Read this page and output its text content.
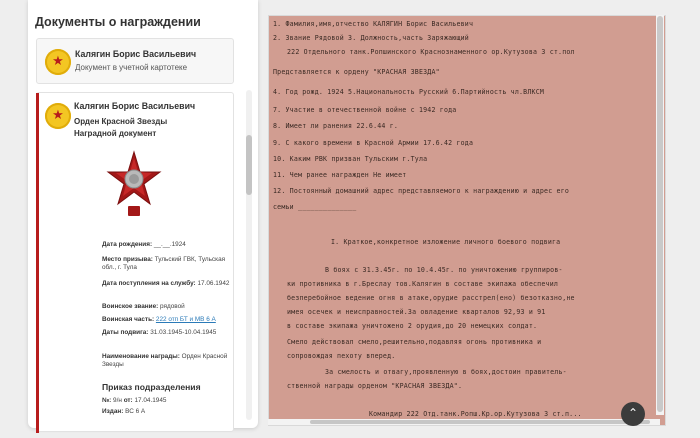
Документы о награждении
★
Калягин Борис Васильевич
Документ в учетной картотеке
★
Калягин Борис Васильевич
Орден Красной Звезды
Наградной документ
Дата рождения: __.__.1924
Место призыва: Тульский ГВК, Тульская обл., г. Тула
Дата поступления на службу: 17.06.1942
Воинское звание: рядовой
Воинская часть: 222 отп БТ и МВ 6 А
Даты подвига: 31.03.1945-10.04.1945
Наименование награды: Орден Красной Звезды
Приказ подразделения
№: 9/н от: 17.04.1945
Издан: ВС 6 А
1. Фамилия,имя,отчество КАЛЯГИН Борис Васильевич
2. Звание Рядовой 3. Должность,часть Заряжающий
222 Отдельного танк.Ропшинского Краснознаменного ор.Кутузова 3 ст.пол
Представляется к ордену "КРАСНАЯ ЗВЕЗДА"
4. Год рожд. 1924 5.Национальность Русский 6.Партийность чл.ВЛКСМ
7. Участие в отечественной войне с 1942 года
8. Имеет ли ранения 22.6.44 г.
9. С какого времени в Красной Армии 17.6.42 года
10. Каким РВК призван Тульским г.Тула
11. Чем ранее награжден Не имеет
12. Постоянный домашний адрес представляемого к награждению и адрес его
семьи ______________
I. Краткое,конкретное изложение личного боевого подвига
В боях с 31.3.45г. по 10.4.45г. по уничтожению группиров-
ки противника в г.Бреслау тов.Калягин в составе экипажа обеспечил
безперебойное ведение огня в атаке,орудие расстрел(ено) безотказно,не
имея осечек и неисправностей.За овладение кварталов 92,93 и 91
в составе экипажа уничтожено 2 орудия,до 20 немецких солдат.
Смело действовал смело,решительно,подавляя огонь противника и
сопровождая пехоту вперед.
За смелость и отвагу,проявленную в боях,достоин правитель-
ственной награды орденом "КРАСНАЯ ЗВЕЗДА".
Командир 222 Отд.танк.Ропш.Кр.ор.Кутузова 3 ст.п...	⌃
